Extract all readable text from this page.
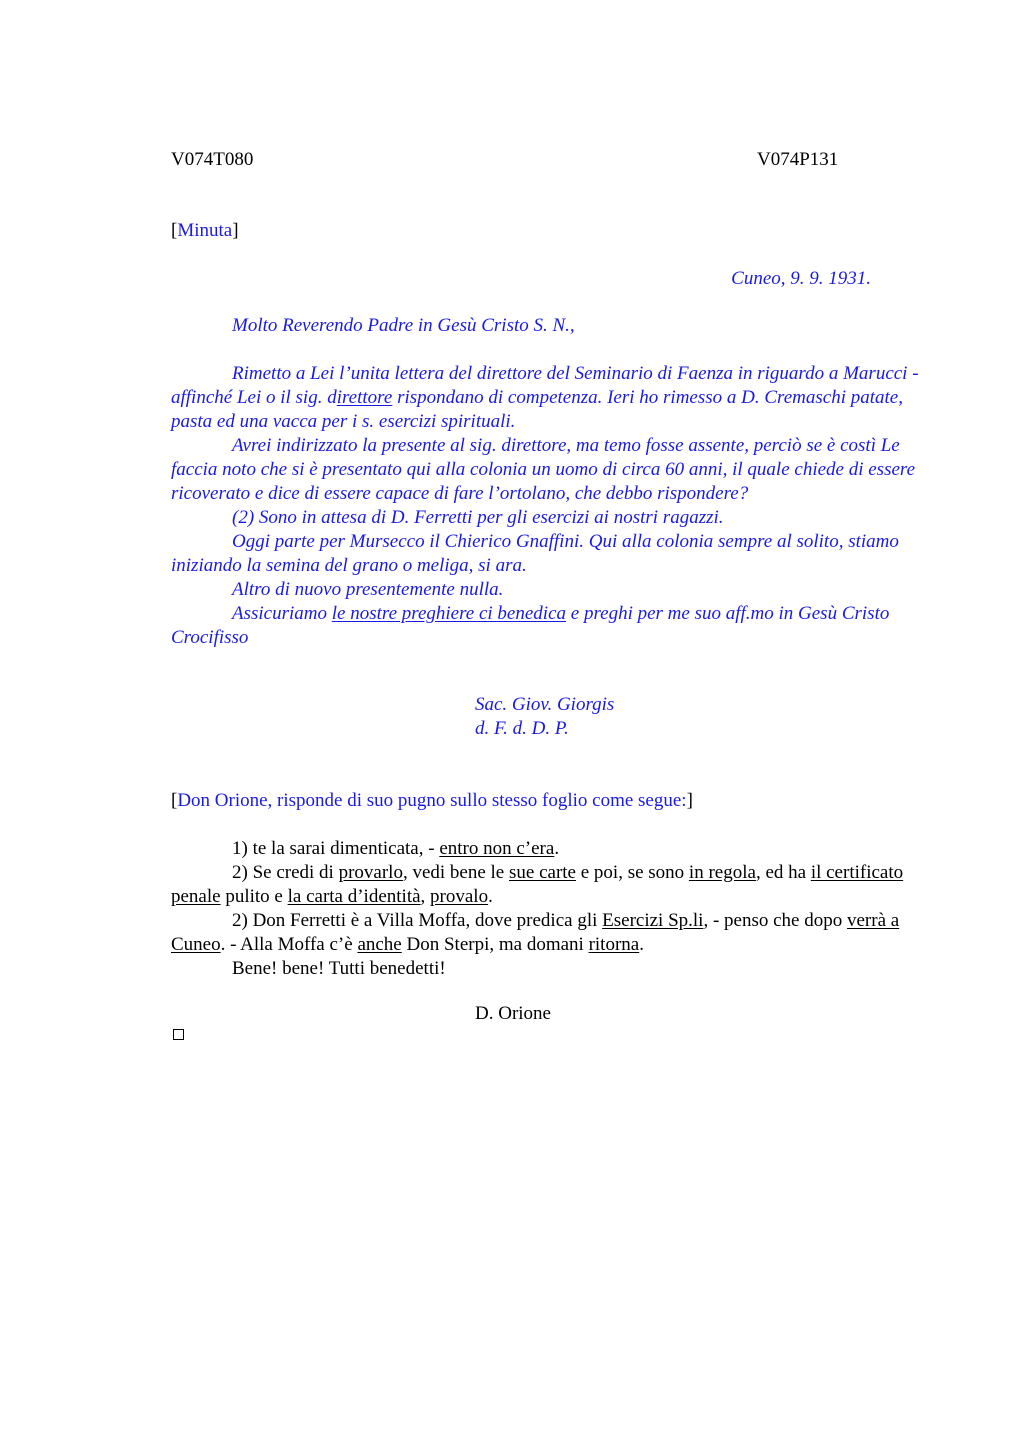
V074T080	V074P131
[Minuta]
Cuneo, 9. 9. 1931.
Molto Reverendo Padre in Gesù Cristo S. N.,

Rimetto a Lei l’unita lettera del direttore del Seminario di Faenza in riguardo a Marucci - affinché Lei o il sig. direttore rispondano di competenza. Ieri ho rimesso a D. Cremaschi patate, pasta ed una vacca per i s. esercizi spirituali.

Avrei indirizzato la presente al sig. direttore, ma temo fosse assente, perciò se è costì Le faccia noto che si è presentato qui alla colonia un uomo di circa 60 anni, il quale chiede di essere ricoverato e dice di essere capace di fare l’ortolano, che debbo rispondere?

(2) Sono in attesa di D. Ferretti per gli esercizi ai nostri ragazzi.

Oggi parte per Mursecco il Chierico Gnaffini. Qui alla colonia sempre al solito, stiamo iniziando la semina del grano o meliga, si ara.

Altro di nuovo presentemente nulla.

Assicuriamo le nostre preghiere ci benedica e preghi per me suo aff.mo in Gesù Cristo Crocifisso

Sac. Giov. Giorgis
d. F. d. D. P.
[Don Orione, risponde di suo pugno sullo stesso foglio come segue:]

1) te la sarai dimenticata, - entro non c’era.

2) Se credi di provarlo, vedi bene le sue carte e poi, se sono in regola, ed ha il certificato penale pulito e la carta d’identità, provalo.

2) Don Ferretti è a Villa Moffa, dove predica gli Esercizi Sp.li, - penso che dopo verrà a Cuneo. - Alla Moffa c’è anche Don Sterpi, ma domani ritorna.

Bene! bene! Tutti benedetti!

D. Orione
